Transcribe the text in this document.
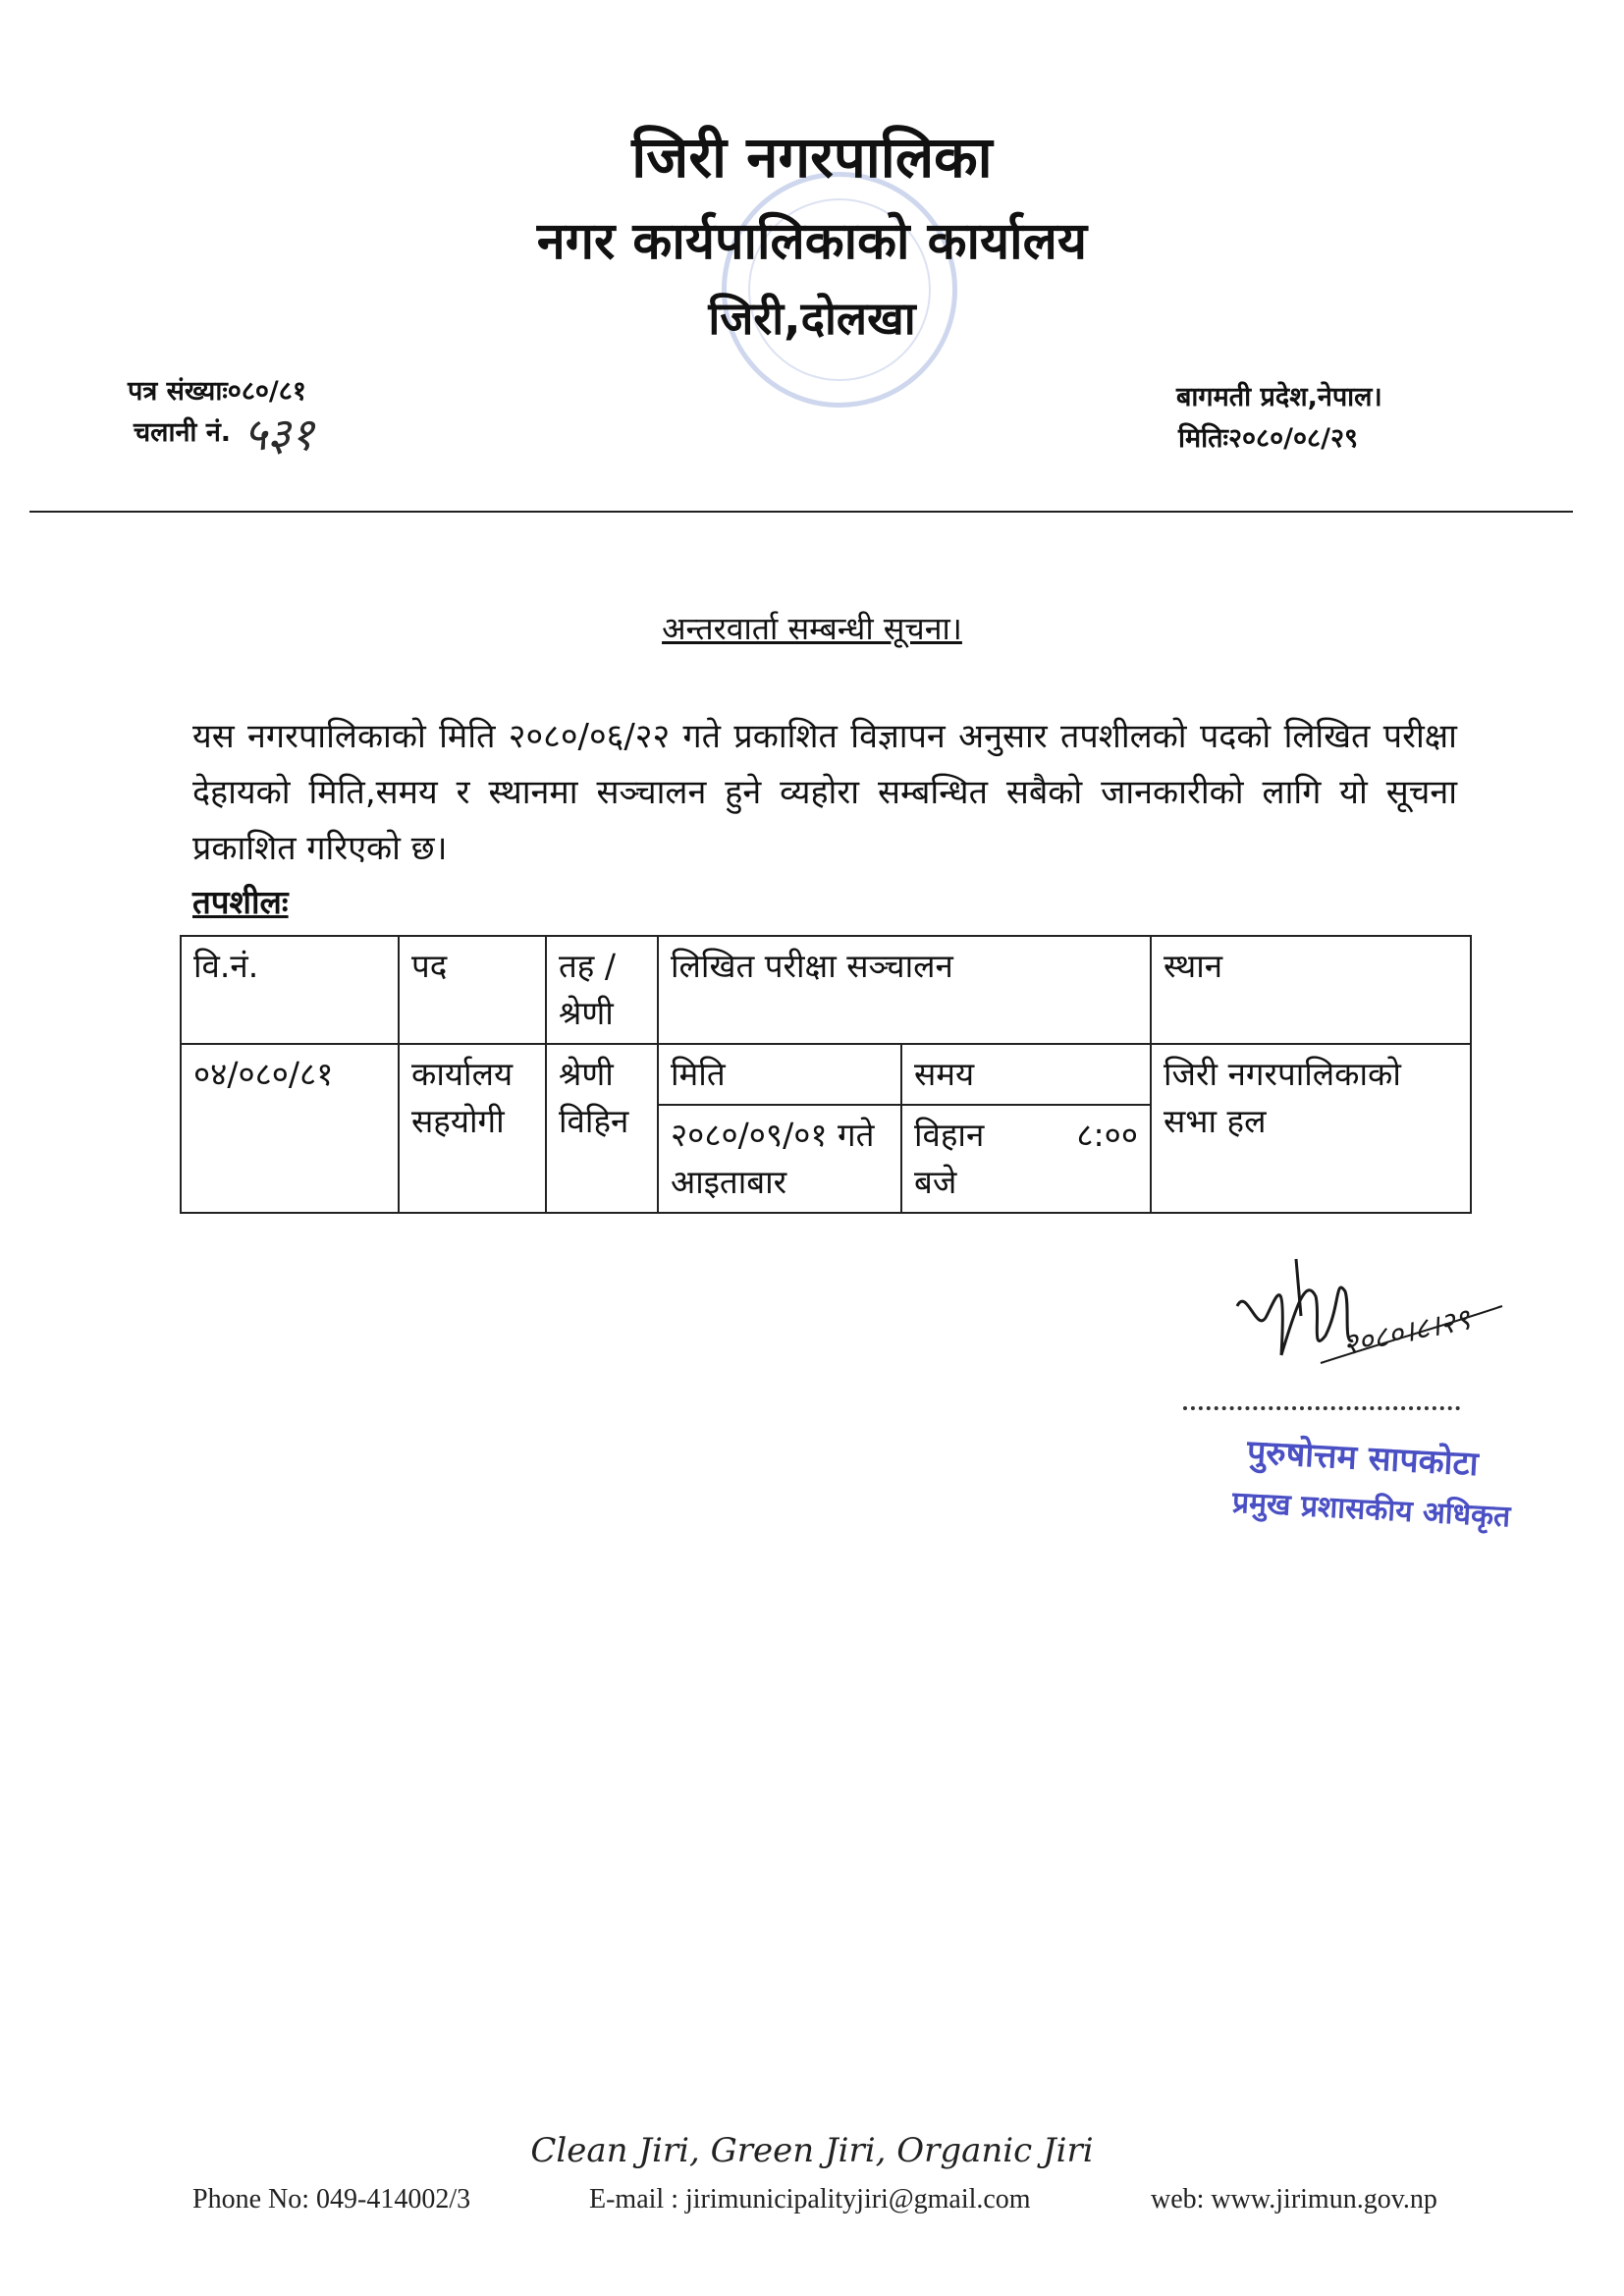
जिरी नगरपालिका
नगर कार्यपालिकाको कार्यालय
जिरी,दोलखा
पत्र संख्याः०८०/८१
चलानी नं. ५३१
बागमती प्रदेश,नेपाल।
मितिः२०८०/०८/२९
अन्तरवार्ता सम्बन्धी सूचना।
यस नगरपालिकाको मिति २०८०/०६/२२ गते प्रकाशित विज्ञापन अनुसार तपशीलको पदको लिखित परीक्षा देहायको मिति,समय र स्थानमा सञ्चालन हुने व्यहोरा सम्बन्धित सबैको जानकारीको लागि यो सूचना प्रकाशित गरिएको छ।
तपशीलः
वि.नं.	पद	तह / श्रेणी	लिखित परीक्षा सञ्चालन		स्थान
०४/०८०/८१	कार्यालय सहयोगी	श्रेणी विहिन	मिति	समय	जिरी नगरपालिकाको सभा हल
			२०८०/०९/०१ गते आइताबार	विहान ८:००
बजे	
२०८०।८।२९
पुरुषोत्तम सापकोटा
प्रमुख प्रशासकीय अधिकृत
Clean Jiri, Green Jiri, Organic Jiri
Phone No: 049-414002/3	E-mail : jirimunicipalityjiri@gmail.com	web: www.jirimun.gov.np
